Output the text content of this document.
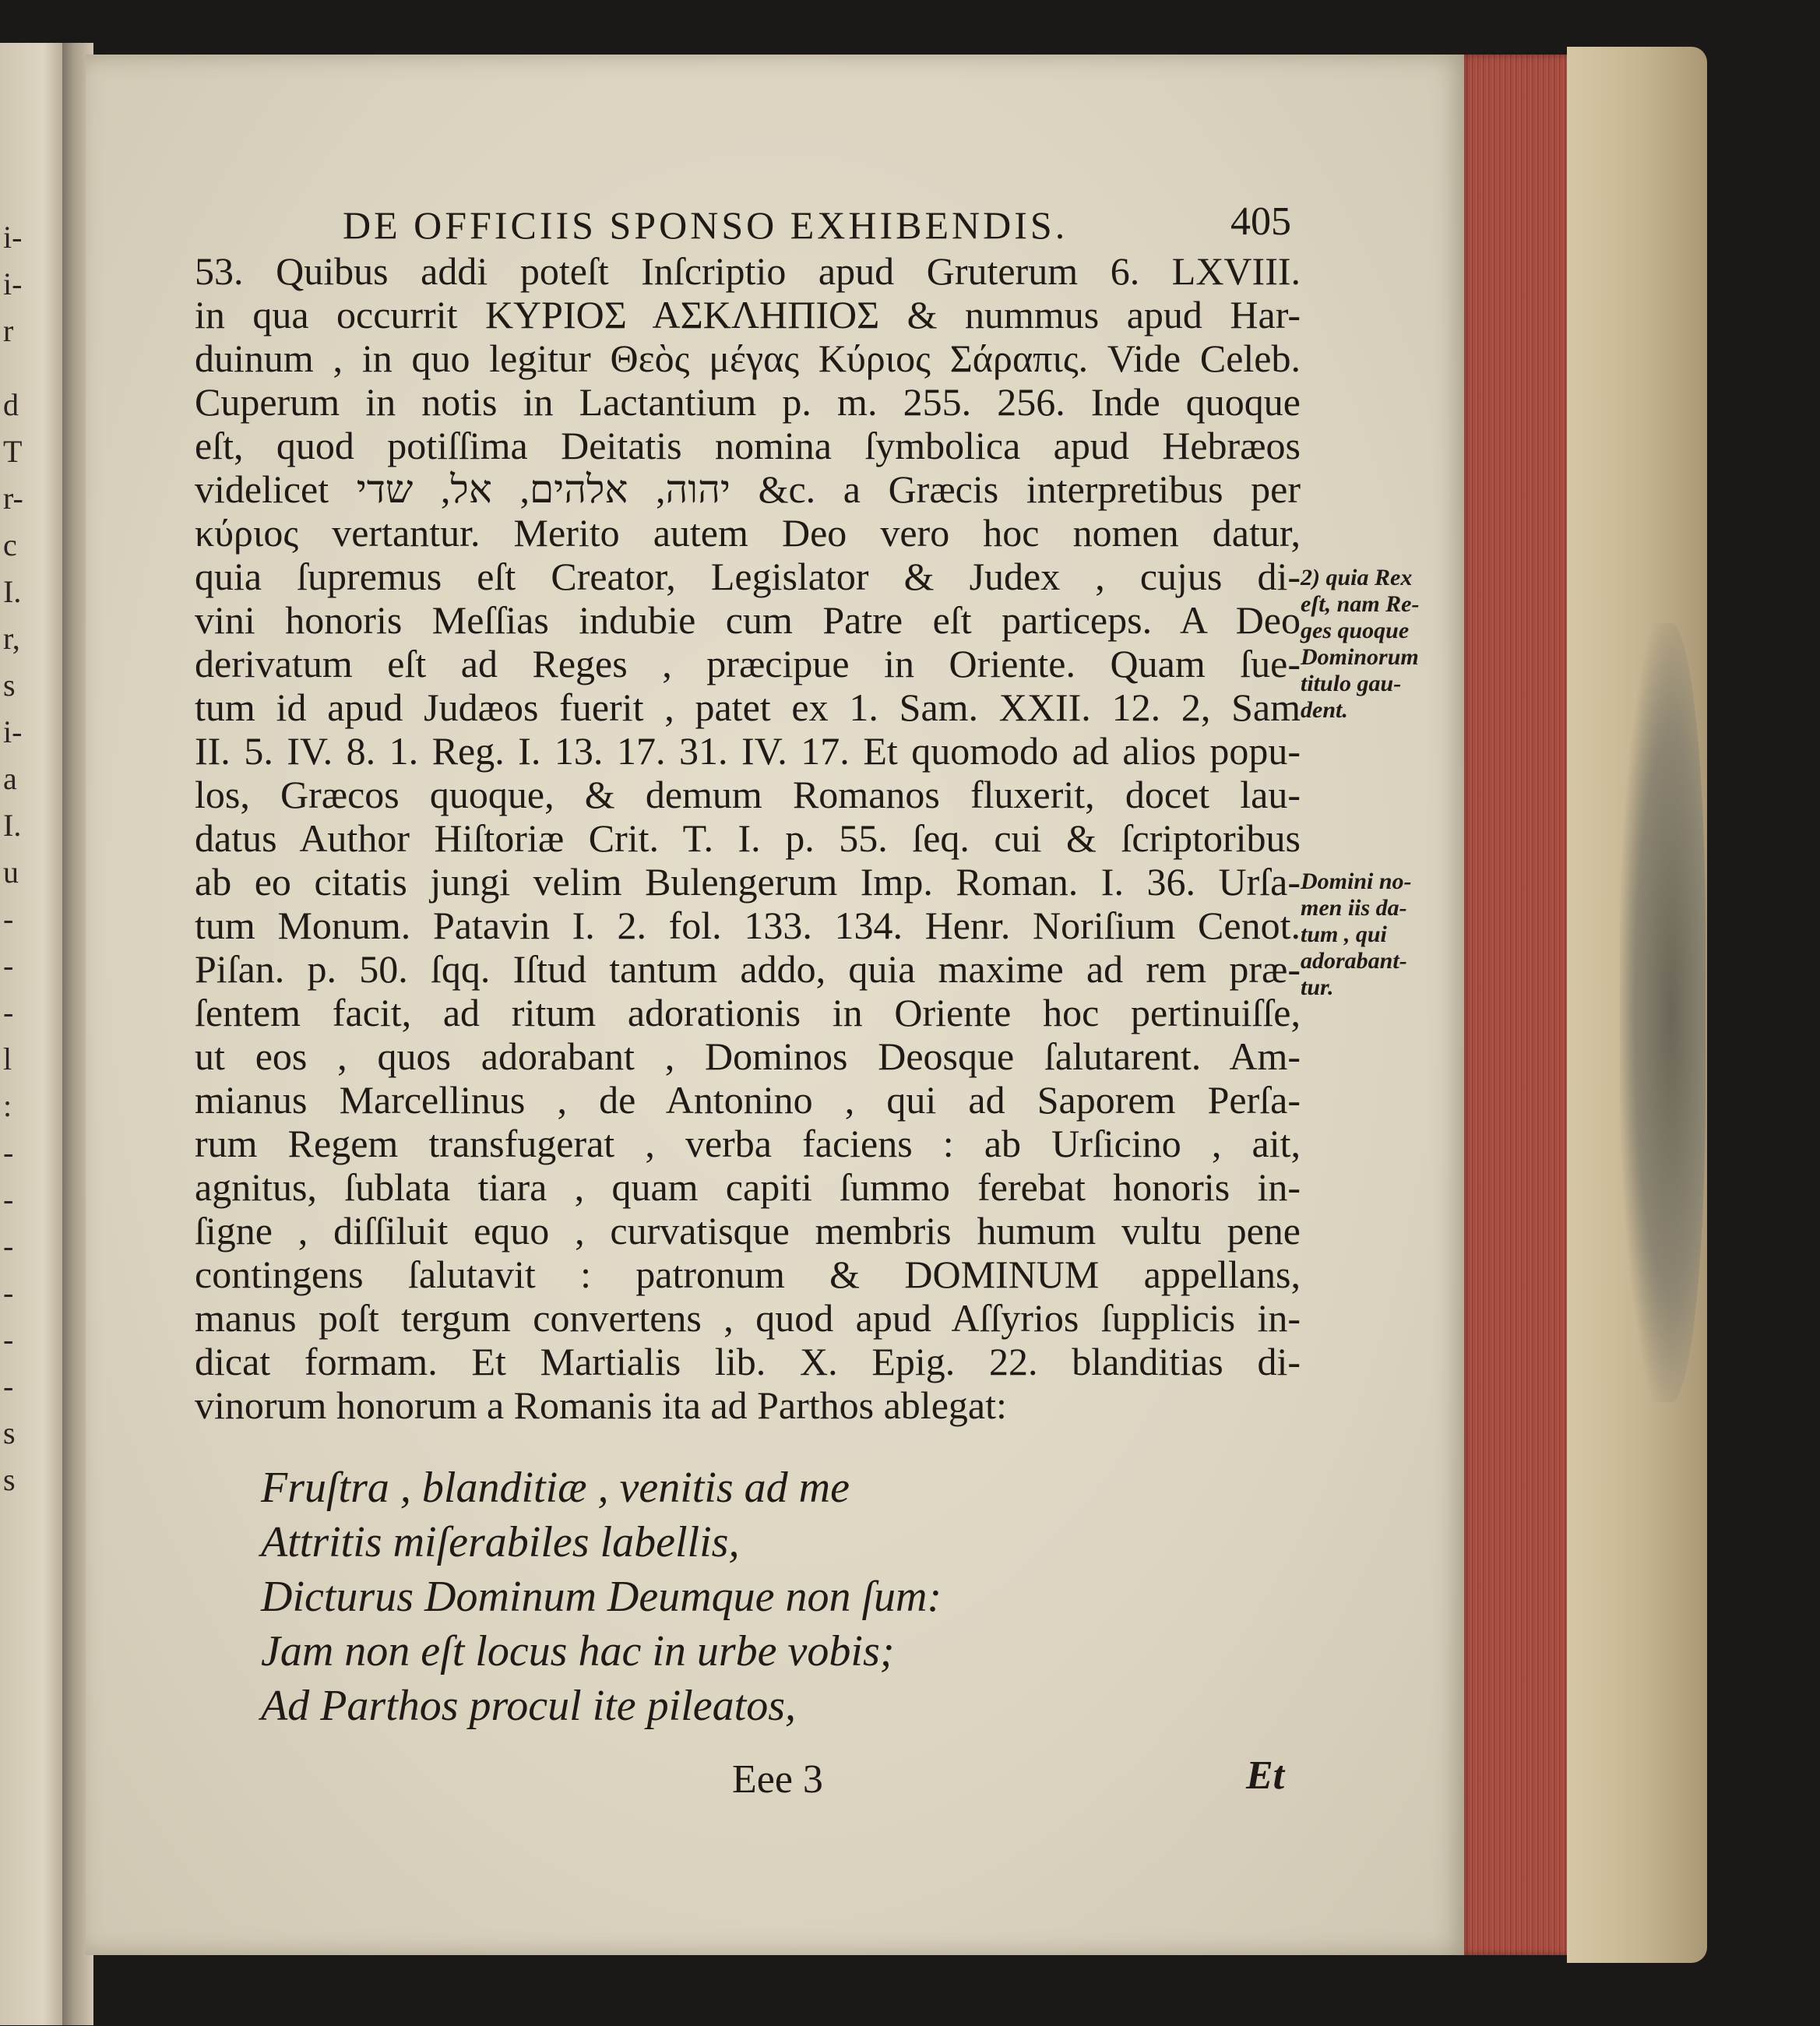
i-
i-
r
d
T
r-
c
I.
r,
s
i-
a
I.
u
-
-
-
l
:
-
-
-
-
-
-
s
s
DE OFFICIIS SPONSO EXHIBENDIS.	405
53. Quibus addi poteſt Inſcriptio apud Gruterum 6. LXVIII.
in qua occurrit ΚΥΡΙΟΣ ΑΣΚΛΗΠΙΟΣ & nummus apud Har-
duinum , in quo legitur Θεὸς μέγας Κύριος Σάραπις. Vide Celeb.
Cuperum in notis in Lactantium p. m. 255. 256. Inde quoque
eſt, quod potiſſima Deitatis nomina ſymbolica apud Hebræos
videlicet יהוה, אלהים, אל, שדי &c. a Græcis interpretibus per
κύριος vertantur. Merito autem Deo vero hoc nomen datur,
quia ſupremus eſt Creator, Legislator & Judex , cujus di-
vini honoris Meſſias indubie cum Patre eſt particeps. A Deo
derivatum eſt ad Reges , præcipue in Oriente. Quam ſue-
tum id apud Judæos fuerit , patet ex 1. Sam. XXII. 12. 2, Sam
II. 5. IV. 8. 1. Reg. I. 13. 17. 31. IV. 17. Et quomodo ad alios popu-
los, Græcos quoque, & demum Romanos fluxerit, docet lau-
datus Author Hiſtoriæ Crit. T. I. p. 55. ſeq. cui & ſcriptoribus
ab eo citatis jungi velim Bulengerum Imp. Roman. I. 36. Urſa-
tum Monum. Patavin I. 2. fol. 133. 134. Henr. Noriſium Cenot.
Piſan. p. 50. ſqq. Iſtud tantum addo, quia maxime ad rem præ-
ſentem facit, ad ritum adorationis in Oriente hoc pertinuiſſe,
ut eos , quos adorabant , Dominos Deosque ſalutarent. Am-
mianus Marcellinus , de Antonino , qui ad Saporem Perſa-
rum Regem transfugerat , verba faciens : ab Urſicino , ait,
agnitus, ſublata tiara , quam capiti ſummo ferebat honoris in-
ſigne , diſſiluit equo , curvatisque membris humum vultu pene
contingens ſalutavit : patronum & DOMINUM appellans,
manus poſt tergum convertens , quod apud Aſſyrios ſupplicis in-
dicat formam. Et Martialis lib. X. Epig. 22. blanditias di-
vinorum honorum a Romanis ita ad Parthos ablegat:
2) quia Rex
eſt, nam Re-
ges quoque
Dominorum
titulo gau-
dent.
Domini no-
men iis da-
tum , qui
adorabant-
tur.
Fruſtra , blanditiæ , venitis ad me
Attritis miſerabiles labellis,
Dicturus Dominum Deumque non ſum:
Jam non eſt locus hac in urbe vobis;
Ad Parthos procul ite pileatos,
Eee 3	Et
